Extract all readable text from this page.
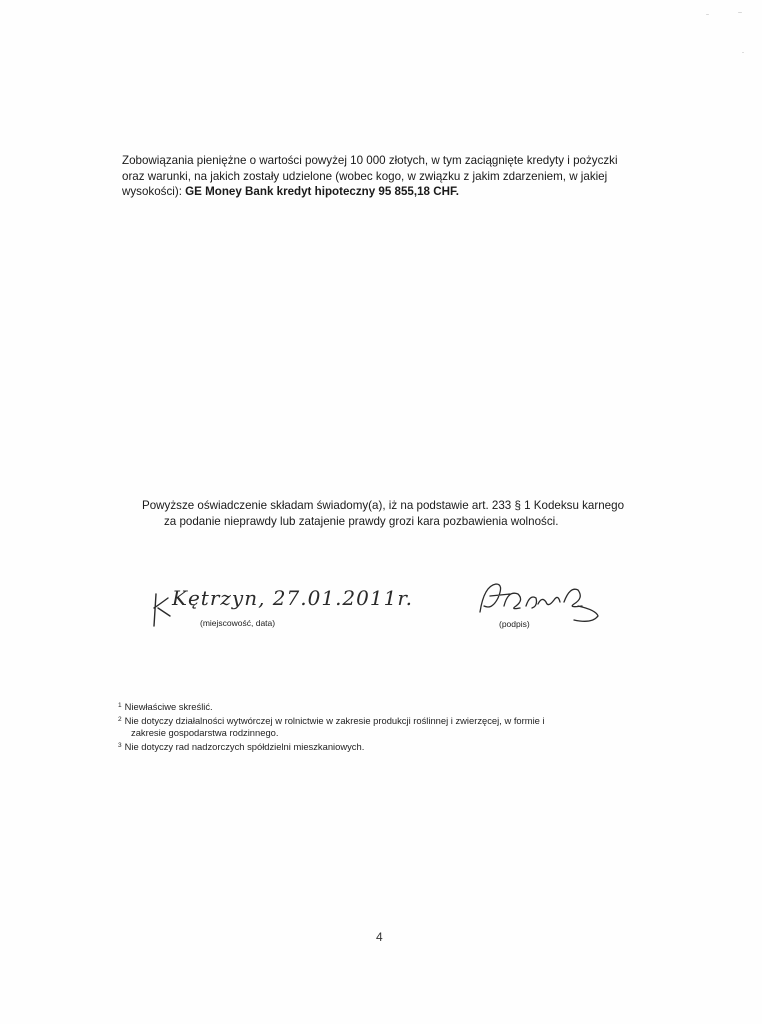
Zobowiązania pieniężne o wartości powyżej 10 000 złotych, w tym zaciągnięte kredyty i pożyczki
oraz warunki, na jakich zostały udzielone (wobec kogo, w związku z jakim zdarzeniem, w jakiej
wysokości): GE Money Bank kredyt hipoteczny 95 855,18 CHF.
Powyższe oświadczenie składam świadomy(a), iż na podstawie art. 233 § 1 Kodeksu karnego
za podanie nieprawdy lub zatajenie prawdy grozi kara pozbawienia wolności.
Kętrzyn, 27.01.2011r.
(miejscowość, data)	(podpis)
$^1$ Niewłaściwe skreślić.
$^2$ Nie dotyczy działalności wytwórczej w rolnictwie w zakresie produkcji roślinnej i zwierzęcej, w formie i
zakresie gospodarstwa rodzinnego.
$^3$ Nie dotyczy rad nadzorczych spółdzielni mieszkaniowych.
4
